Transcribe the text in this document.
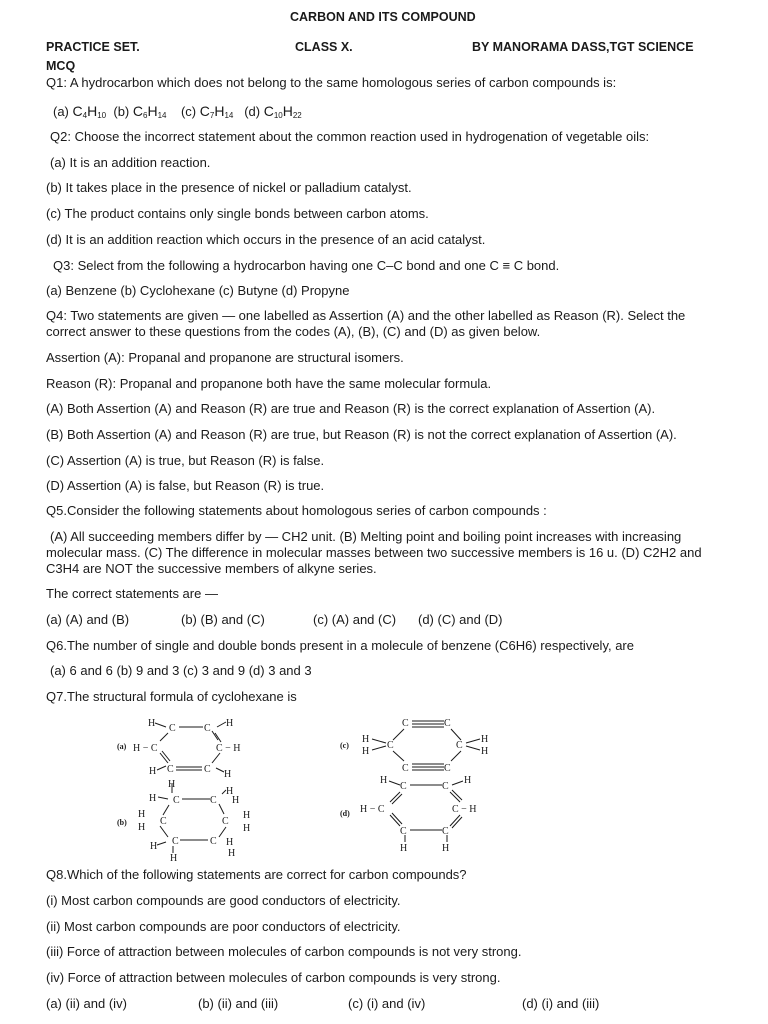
CARBON AND ITS COMPOUND
PRACTICE SET.	CLASS X.	BY MANORAMA DASS,TGT SCIENCE
MCQ
Q1: A hydrocarbon which does not belong to the same homologous series of carbon compounds is:
(a) $C_4H_{10}$ (b) $C_6H_{14}$ (c) $C_7H_{14}$ (d) $C_{10}H_{22}$
Q2: Choose the incorrect statement about the common reaction used in hydrogenation of vegetable oils:
(a) It is an addition reaction.
(b) It takes place in the presence of nickel or palladium catalyst.
(c) The product contains only single bonds between carbon atoms.
(d) It is an addition reaction which occurs in the presence of an acid catalyst.
Q3: Select from the following a hydrocarbon having one C–C bond and one C ≡ C bond.
(a) Benzene (b) Cyclohexane (c) Butyne (d) Propyne
Q4: Two statements are given — one labelled as Assertion (A) and the other labelled as Reason (R). Select the
correct answer to these questions from the codes (A), (B), (C) and (D) as given below.
Assertion (A): Propanal and propanone are structural isomers.
Reason (R): Propanal and propanone both have the same molecular formula.
(A) Both Assertion (A) and Reason (R) are true and Reason (R) is the correct explanation of Assertion (A).
(B) Both Assertion (A) and Reason (R) are true, but Reason (R) is not the correct explanation of Assertion (A).
(C) Assertion (A) is true, but Reason (R) is false.
(D) Assertion (A) is false, but Reason (R) is true.
Q5.Consider the following statements about homologous series of carbon compounds :
(A) All succeeding members differ by — CH2 unit. (B) Melting point and boiling point increases with increasing
molecular mass. (C) The difference in molecular masses between two successive members is 16 u. (D) C2H2 and
C3H4 are NOT the successive members of alkyne series.
The correct statements are —
(a) (A) and (B)	(b) (B) and (C)	(c) (A) and (C) (d) (C) and (D)
Q6.The number of single and double bonds present in a molecule of benzene (C6H6) respectively, are
(a) 6 and 6 (b) 9 and 3 (c) 3 and 9 (d) 3 and 3
Q7.The structural formula of cyclohexane is
(a)
(b)
(c)
(d)
H C	C H
H − C	C − H
H C	C H
H
H C	C
H
H
H
H
C	C
H
H
H C	C H
H	H
C	C
H
H
C	C
H
H
C	C
H
C	C
H
H − C	C − H
C	C
H	H
Q8.Which of the following statements are correct for carbon compounds?
(i) Most carbon compounds are good conductors of electricity.
(ii) Most carbon compounds are poor conductors of electricity.
(iii) Force of attraction between molecules of carbon compounds is not very strong.
(iv) Force of attraction between molecules of carbon compounds is very strong.
(a) (ii) and (iv)	(b) (ii) and (iii)	(c) (i) and (iv)	(d) (i) and (iii)
